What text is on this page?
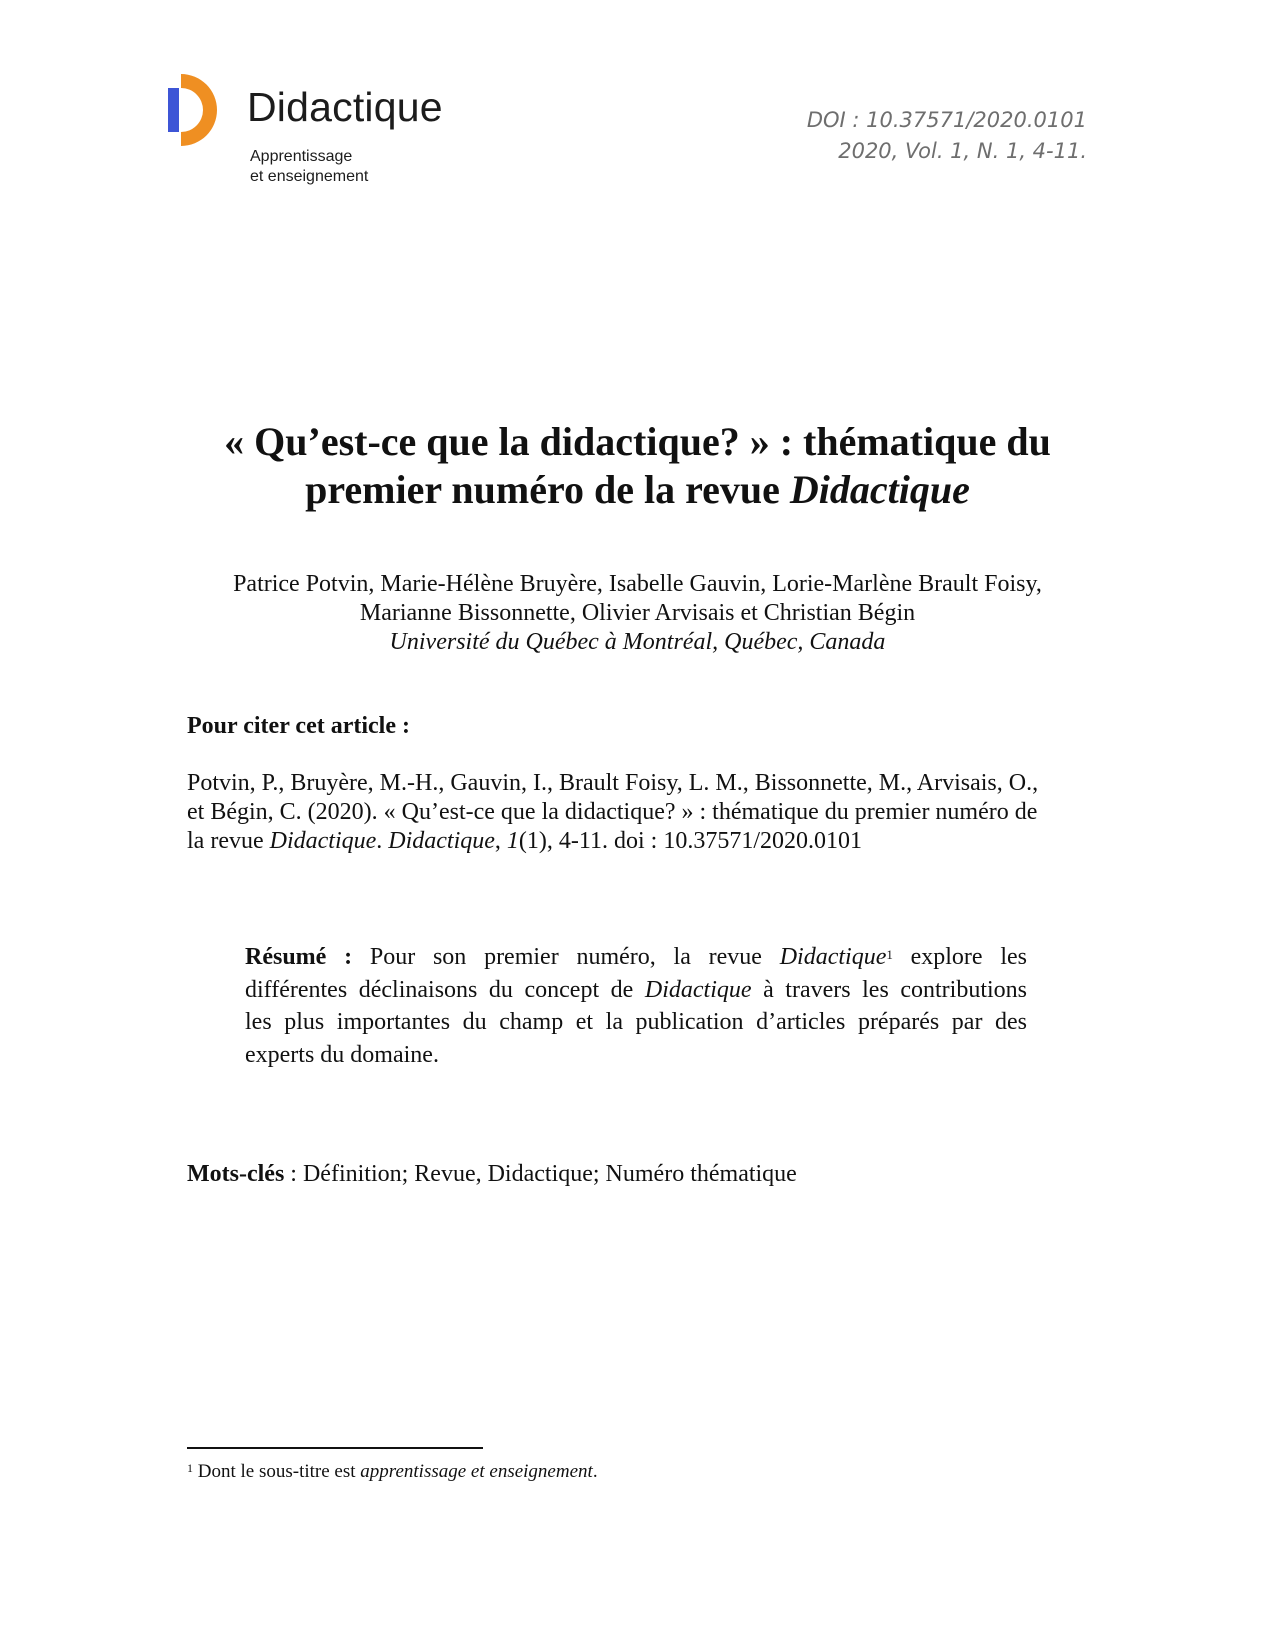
Didactique
Apprentissage
et enseignement
DOI : 10.37571/2020.0101
2020, Vol. 1, N. 1, 4-11.
« Qu’est-ce que la didactique? » : thématique du
premier numéro de la revue Didactique
Patrice Potvin, Marie-Hélène Bruyère, Isabelle Gauvin, Lorie-Marlène Brault Foisy,
Marianne Bissonnette, Olivier Arvisais et Christian Bégin
Université du Québec à Montréal, Québec, Canada
Pour citer cet article :
Potvin, P., Bruyère, M.-H., Gauvin, I., Brault Foisy, L. M., Bissonnette, M., Arvisais, O.,
et Bégin, C. (2020). « Qu’est-ce que la didactique? » : thématique du premier numéro de
la revue Didactique. Didactique, 1(1), 4-11. doi : 10.37571/2020.0101
Résumé : Pour son premier numéro, la revue Didactique$^1$ explore les
différentes déclinaisons du concept de Didactique à travers les contributions
les plus importantes du champ et la publication d’articles préparés par des
experts du domaine.
Mots-clés : Définition; Revue, Didactique; Numéro thématique
$^1$ Dont le sous-titre est apprentissage et enseignement.
